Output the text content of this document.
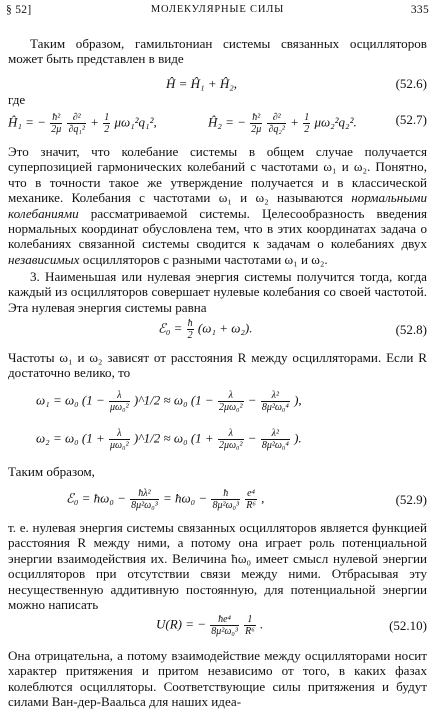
§ 52]	МОЛЕКУЛЯРНЫЕ СИЛЫ	335

Таким образом, гамильтониан системы связанных осцилляторов может быть представлен в виде

Ĥ = Ĥ₁ + Ĥ₂,	(52.6)
где
Ĥ₁ = − $\frac{\text{ħ²}}{2\mu}$
$\frac{\text{∂²}}{\text{∂q₁²}} + \frac{1}{2} \mu\omega_1^2q_1^2$,	Ĥ₂ = − $\frac{\text{ħ²}}{2\mu}$
$\frac{\text{∂²}}{\text{∂q₂²}} + \frac{1}{2} \mu\omega_2^2q_2^2$.	(52.7)

Это значит, что колебание системы в общем случае получается суперпозицией гармонических колебаний с частотами ω₁ и ω₂. Понятно, что в точности такое же утверждение получается и в классической механике. Колебания с частотами ω₁ и ω₂ называются нормальными колебаниями рассматриваемой системы. Целесообразность введения нормальных координат обусловлена тем, что в этих координатах задача о колебаниях связанной системы сводится к задачам о колебаниях двух независимых осцилляторов с разными частотами ω₁ и ω₂.

3. Наименьшая или нулевая энергия системы получится тогда, когда каждый из осцилляторов совершает нулевые колебания со своей частотой. Эта нулевая энергия системы равна

ℰ₀ = $\frac{ħ}{2} (\omega_1 + \omega_2)$.	(52.8)

Частоты ω₁ и ω₂ зависят от расстояния R между осцилляторами. Если R достаточно велико, то

ω₁ = ω₀ ($1 - \frac{\lambda}{\text{μω₀²}}$ )^1/2 ≈ ω₀ ($1 - \frac{\lambda}{\text{2μω₀²}} - \frac{\text{λ²}}{\text{8μ²ω₀⁴}}$ ),
ω₂ = ω₀ ($1 + \frac{\lambda}{\text{μω₀²}}$ )^1/2 ≈ ω₀ ($1 + \frac{\lambda}{\text{2μω₀²}} - \frac{\text{λ²}}{\text{8μ²ω₀⁴}}$ ).

Таким образом,

ℰ₀ = ħω₀ − $\frac{\text{ħλ²}}{\text{8μ²ω₀³}}$ = ħω₀ − $\frac{ħ}{\text{8μ²ω₀³}}$
$\frac{\text{e⁴}}{\text{R⁶}}$ ,	(52.9)

т. е. нулевая энергия системы связанных осцилляторов является функцией расстояния R между ними, а потому она играет роль потенциальной энергии взаимодействия их. Величина ħω₀ имеет смысл нулевой энергии осцилляторов при отсутствии связи между ними. Отбрасывая эту несущественную аддитивную постоянную, для потенциальной энергии можно написать

U(R) = − $\frac{\text{ħe⁴}}{\text{8μ²ω₀³}}$
$\frac{1}{\text{R⁶}}$ .	(52.10)

Она отрицательна, а потому взаимодействие между осцилляторами носит характер притяжения и притом независимо от того, в каких фазах колеблются осцилляторы. Соответствующие силы притяжения и будут силами Ван-дер-Ваальса для наших идеа-
